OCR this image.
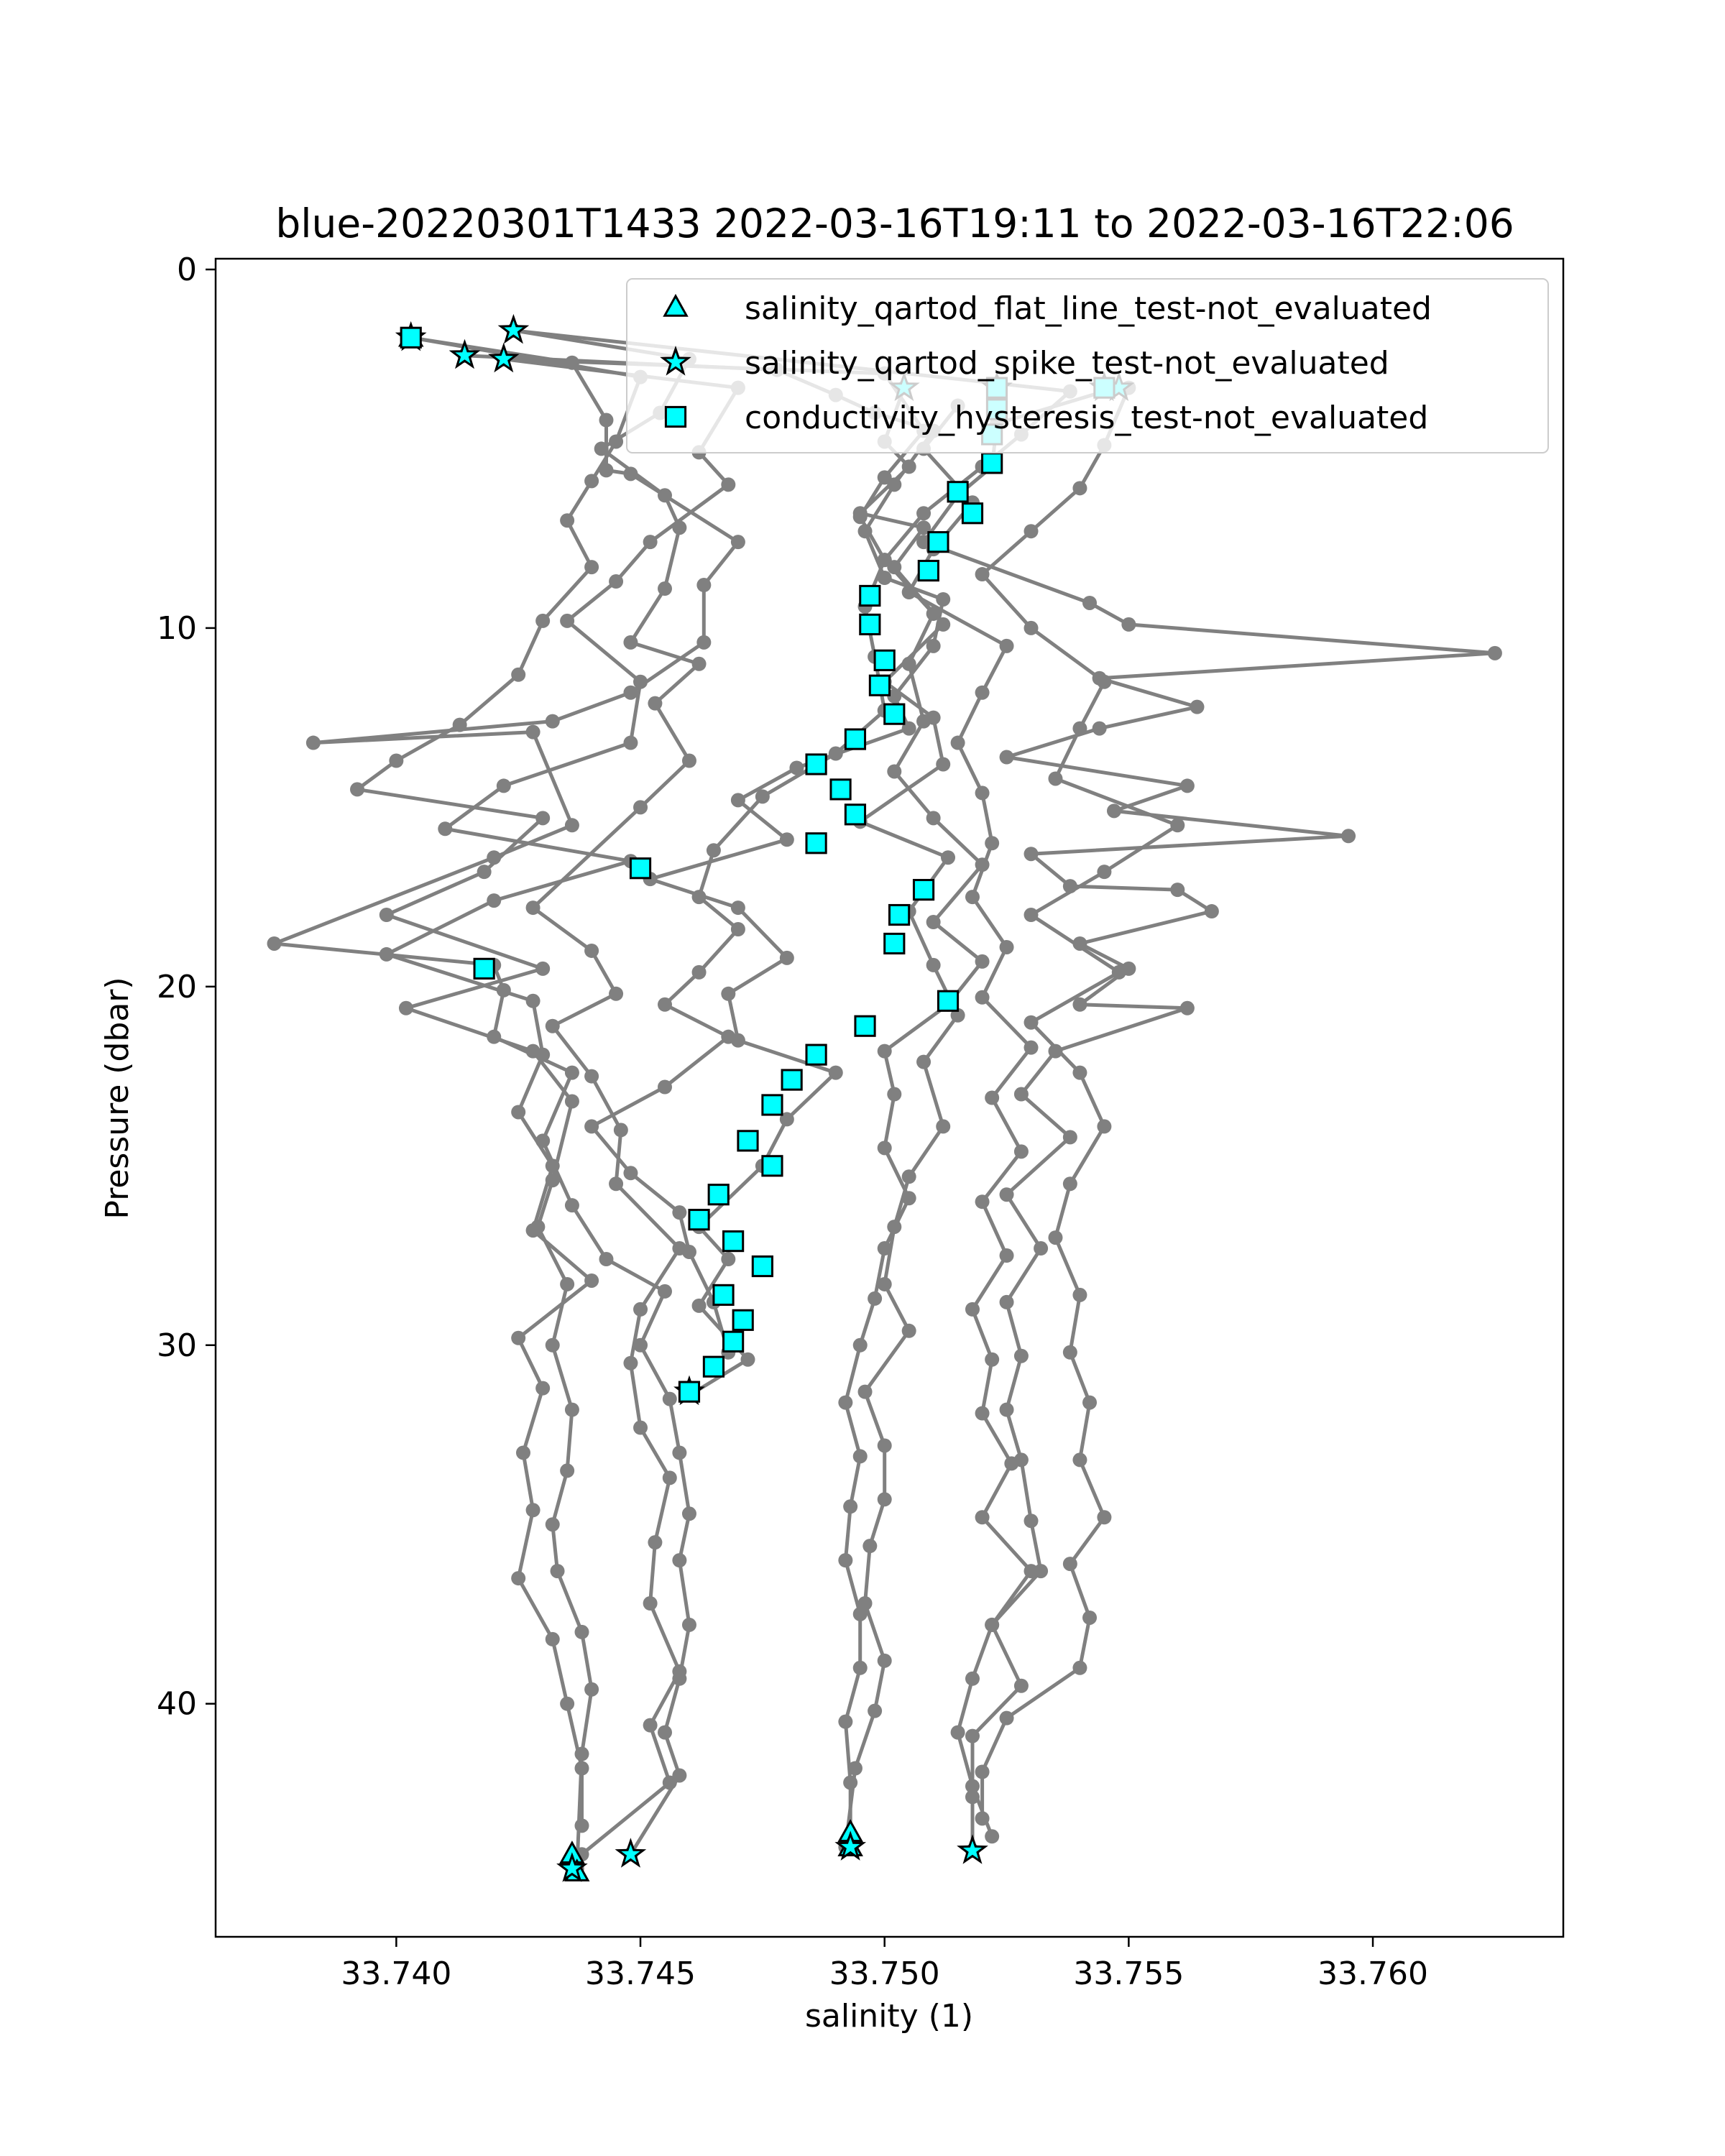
blue-20220301T1433 2022-03-16T19:11 to 2022-03-16T22:06
33.740	33.745	33.750	33.755	33.760
0
10
20
30
40
salinity (1)
Pressure (dbar)
salinity_qartod_flat_line_test-not_evaluated
salinity_qartod_spike_test-not_evaluated
conductivity_hysteresis_test-not_evaluated
